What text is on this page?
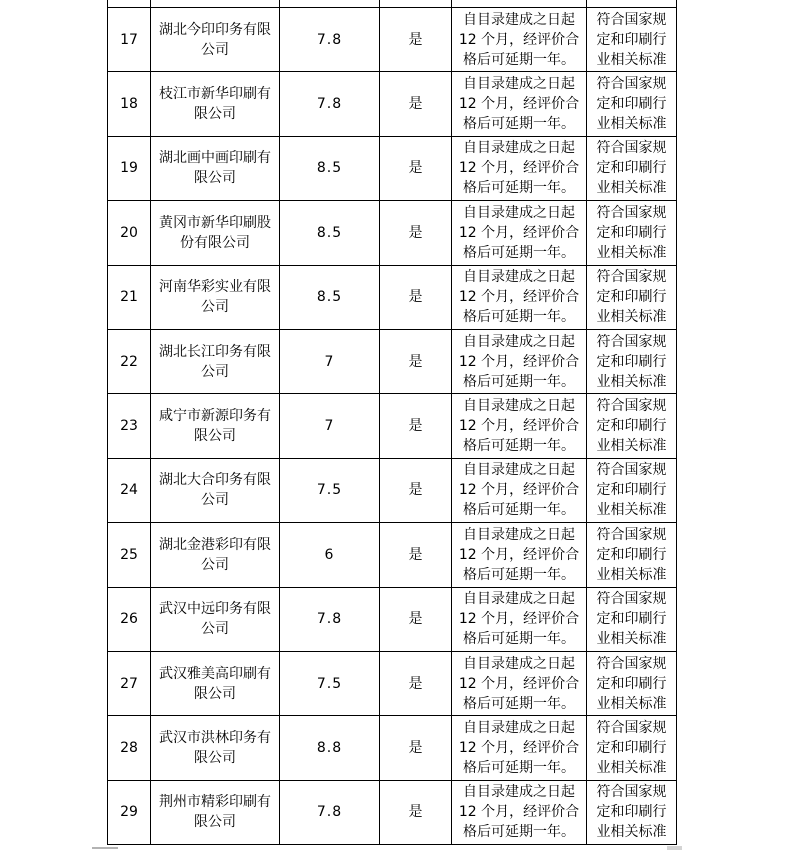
17	湖北今印印务有限
公司	7.8	是	自目录建成之日起
12 个月，经评价合
格后可延期一年。	符合国家规
定和印刷行
业相关标准

18	枝江市新华印刷有
限公司	7.8	是	自目录建成之日起
12 个月，经评价合
格后可延期一年。	符合国家规
定和印刷行
业相关标准

19	湖北画中画印刷有
限公司	8.5	是	自目录建成之日起
12 个月，经评价合
格后可延期一年。	符合国家规
定和印刷行
业相关标准

20	黄冈市新华印刷股
份有限公司	8.5	是	自目录建成之日起
12 个月，经评价合
格后可延期一年。	符合国家规
定和印刷行
业相关标准

21	河南华彩实业有限
公司	8.5	是	自目录建成之日起
12 个月，经评价合
格后可延期一年。	符合国家规
定和印刷行
业相关标准

22	湖北长江印务有限
公司	7	是	自目录建成之日起
12 个月，经评价合
格后可延期一年。	符合国家规
定和印刷行
业相关标准

23	咸宁市新源印务有
限公司	7	是	自目录建成之日起
12 个月，经评价合
格后可延期一年。	符合国家规
定和印刷行
业相关标准

24	湖北大合印务有限
公司	7.5	是	自目录建成之日起
12 个月，经评价合
格后可延期一年。	符合国家规
定和印刷行
业相关标准

25	湖北金港彩印有限
公司	6	是	自目录建成之日起
12 个月，经评价合
格后可延期一年。	符合国家规
定和印刷行
业相关标准

26	武汉中远印务有限
公司	7.8	是	自目录建成之日起
12 个月，经评价合
格后可延期一年。	符合国家规
定和印刷行
业相关标准

27	武汉雅美高印刷有
限公司	7.5	是	自目录建成之日起
12 个月，经评价合
格后可延期一年。	符合国家规
定和印刷行
业相关标准

28	武汉市洪林印务有
限公司	8.8	是	自目录建成之日起
12 个月，经评价合
格后可延期一年。	符合国家规
定和印刷行
业相关标准

29	荆州市精彩印刷有
限公司	7.8	是	自目录建成之日起
12 个月，经评价合
格后可延期一年。	符合国家规
定和印刷行
业相关标准
